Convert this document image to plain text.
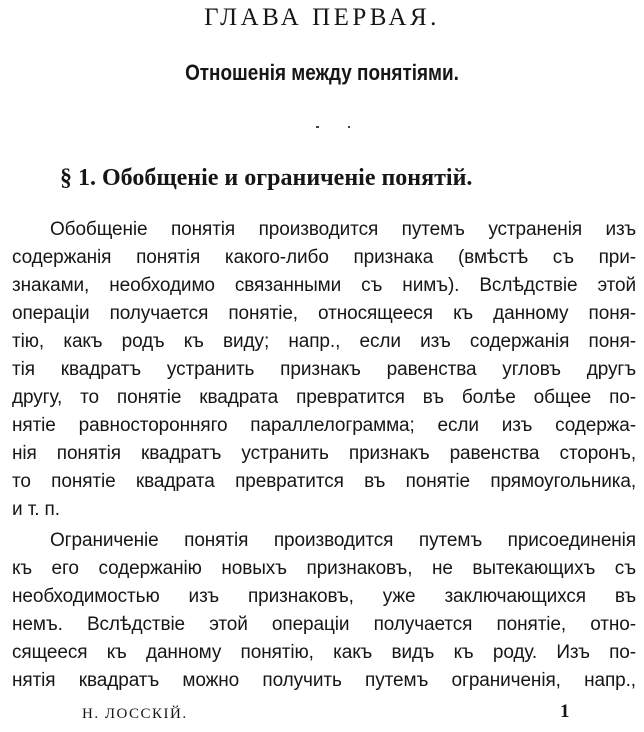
ГЛАВА ПЕРВАЯ.
Отношенія между понятіями.
§ 1. Обобщеніе и ограниченіе понятій.
Обобщеніе понятія производится путемъ устраненія изъ
содержанія понятія какого-либо признака (вмѣстѣ съ при-
знаками, необходимо связанными съ нимъ). Вслѣдствіе этой
операціи получается понятіе, относящееся къ данному поня-
тію, какъ родъ къ виду; напр., если изъ содержанія поня-
тія квадратъ устранить признакъ равенства угловъ другъ
другу, то понятіе квадрата превратится въ болѣе общее по-
нятіе равносторонняго параллелограмма; если изъ содержа-
нія понятія квадратъ устранить признакъ равенства сторонъ,
то понятіе квадрата превратится въ понятіе прямоугольника,
и т. п.
Ограниченіе понятія производится путемъ присоединенія
къ его содержанію новыхъ признаковъ, не вытекающихъ съ
необходимостью изъ признаковъ, уже заключающихся въ
немъ. Вслѣдствіе этой операціи получается понятіе, отно-
сящееся къ данному понятію, какъ видъ къ роду. Изъ по-
нятія квадратъ можно получить путемъ ограниченія, напр.,
Н. ЛОССКІЙ.	1
